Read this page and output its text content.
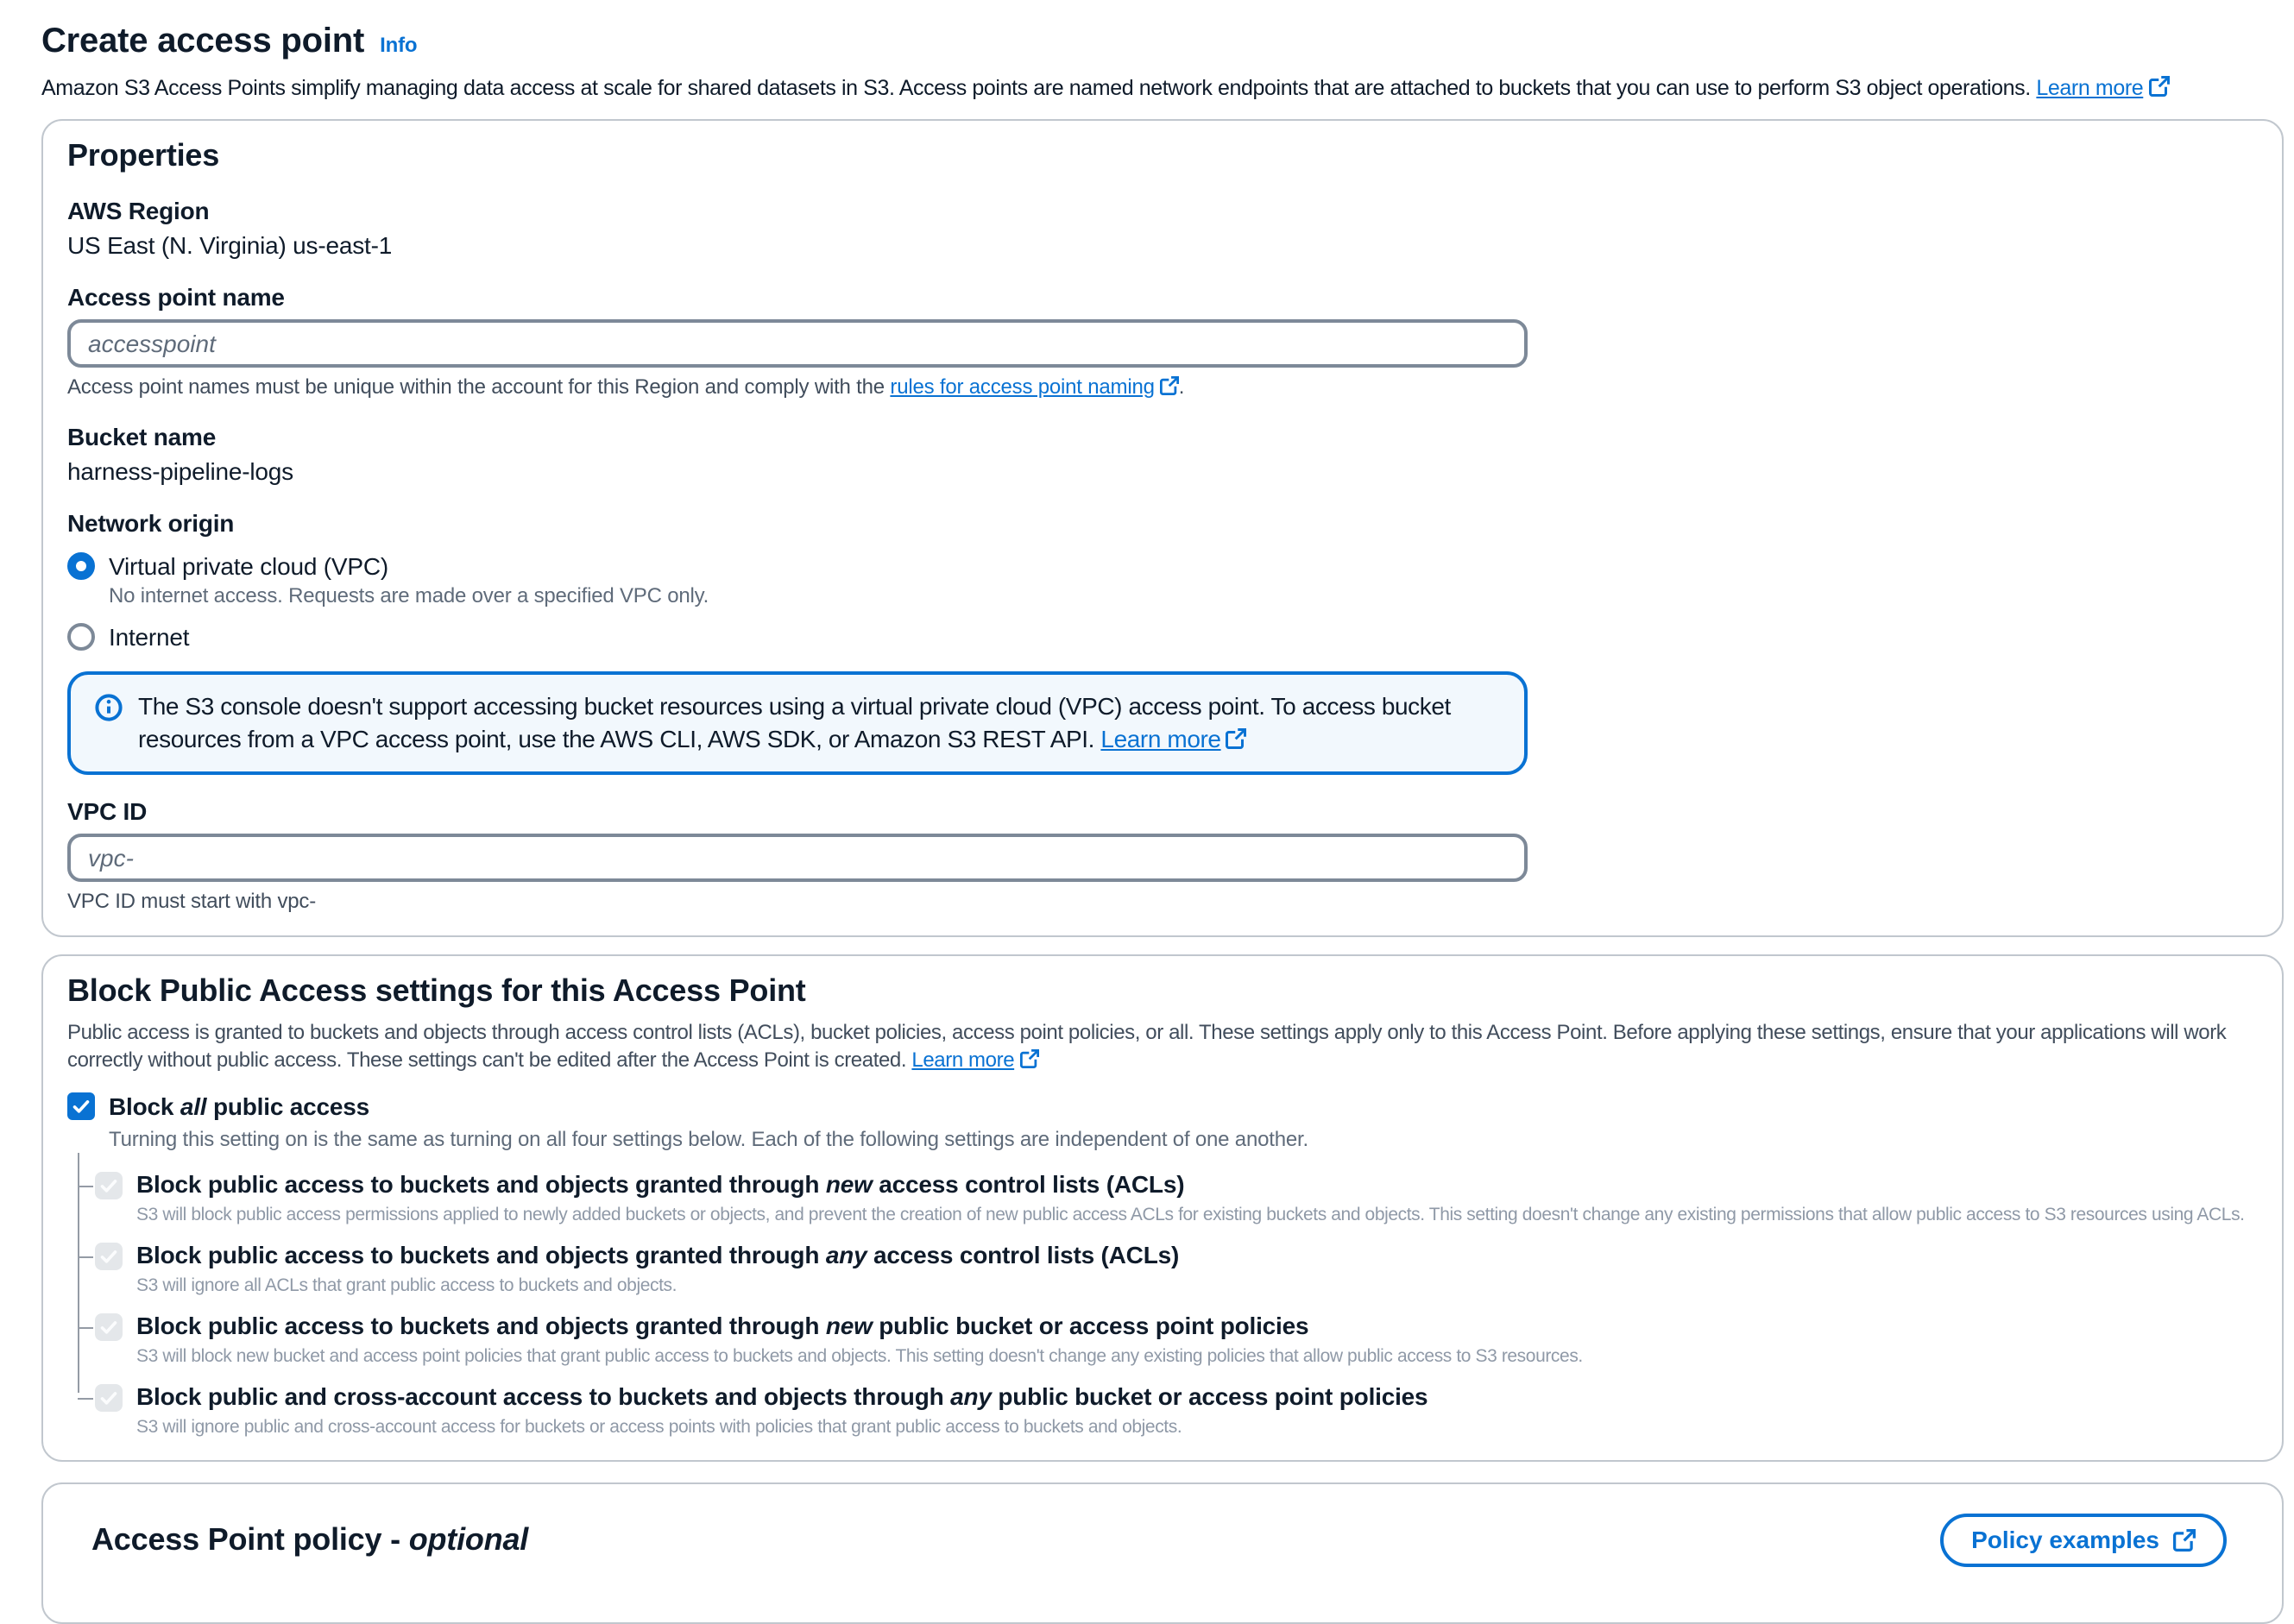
Create access point Info
Amazon S3 Access Points simplify managing data access at scale for shared datasets in S3. Access points are named network endpoints that are attached to buckets that you can use to perform S3 object operations. Learn more
Properties
AWS Region
US East (N. Virginia) us-east-1
Access point name
accesspoint
Access point names must be unique within the account for this Region and comply with the rules for access point naming .
Bucket name
harness-pipeline-logs
Network origin
Virtual private cloud (VPC)
No internet access. Requests are made over a specified VPC only.
Internet
The S3 console doesn't support accessing bucket resources using a virtual private cloud (VPC) access point. To access bucket resources from a VPC access point, use the AWS CLI, AWS SDK, or Amazon S3 REST API. Learn more
VPC ID
vpc-
VPC ID must start with vpc-
Block Public Access settings for this Access Point
Public access is granted to buckets and objects through access control lists (ACLs), bucket policies, access point policies, or all. These settings apply only to this Access Point. Before applying these settings, ensure that your applications will work correctly without public access. These settings can't be edited after the Access Point is created. Learn more
Block all public access
Turning this setting on is the same as turning on all four settings below. Each of the following settings are independent of one another.
Block public access to buckets and objects granted through new access control lists (ACLs)
S3 will block public access permissions applied to newly added buckets or objects, and prevent the creation of new public access ACLs for existing buckets and objects. This setting doesn't change any existing permissions that allow public access to S3 resources using ACLs.
Block public access to buckets and objects granted through any access control lists (ACLs)
S3 will ignore all ACLs that grant public access to buckets and objects.
Block public access to buckets and objects granted through new public bucket or access point policies
S3 will block new bucket and access point policies that grant public access to buckets and objects. This setting doesn't change any existing policies that allow public access to S3 resources.
Block public and cross-account access to buckets and objects through any public bucket or access point policies
S3 will ignore public and cross-account access for buckets or access points with policies that grant public access to buckets and objects.
Access Point policy - optional	Policy examples
